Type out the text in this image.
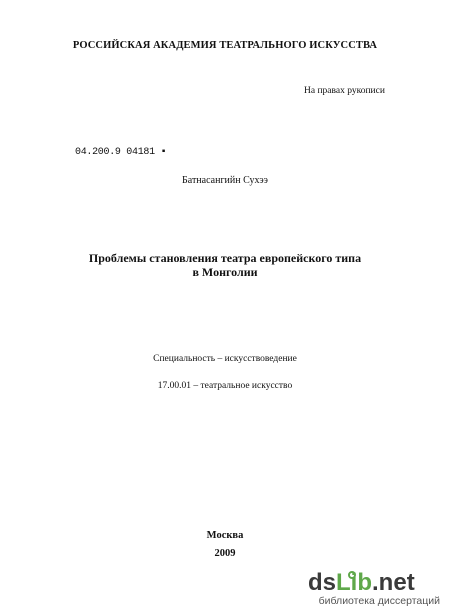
РОССИЙСКАЯ АКАДЕМИЯ ТЕАТРАЛЬНОГО ИСКУССТВА
На правах рукописи
04.200.9 04181 ▪
Батнасангийн Сухээ
Проблемы становления театра европейского типа
в Монголии
Специальность – искусствоведение
17.00.01 – театральное искусство
Москва
2009
dsLib.net
библиотека диссертаций
